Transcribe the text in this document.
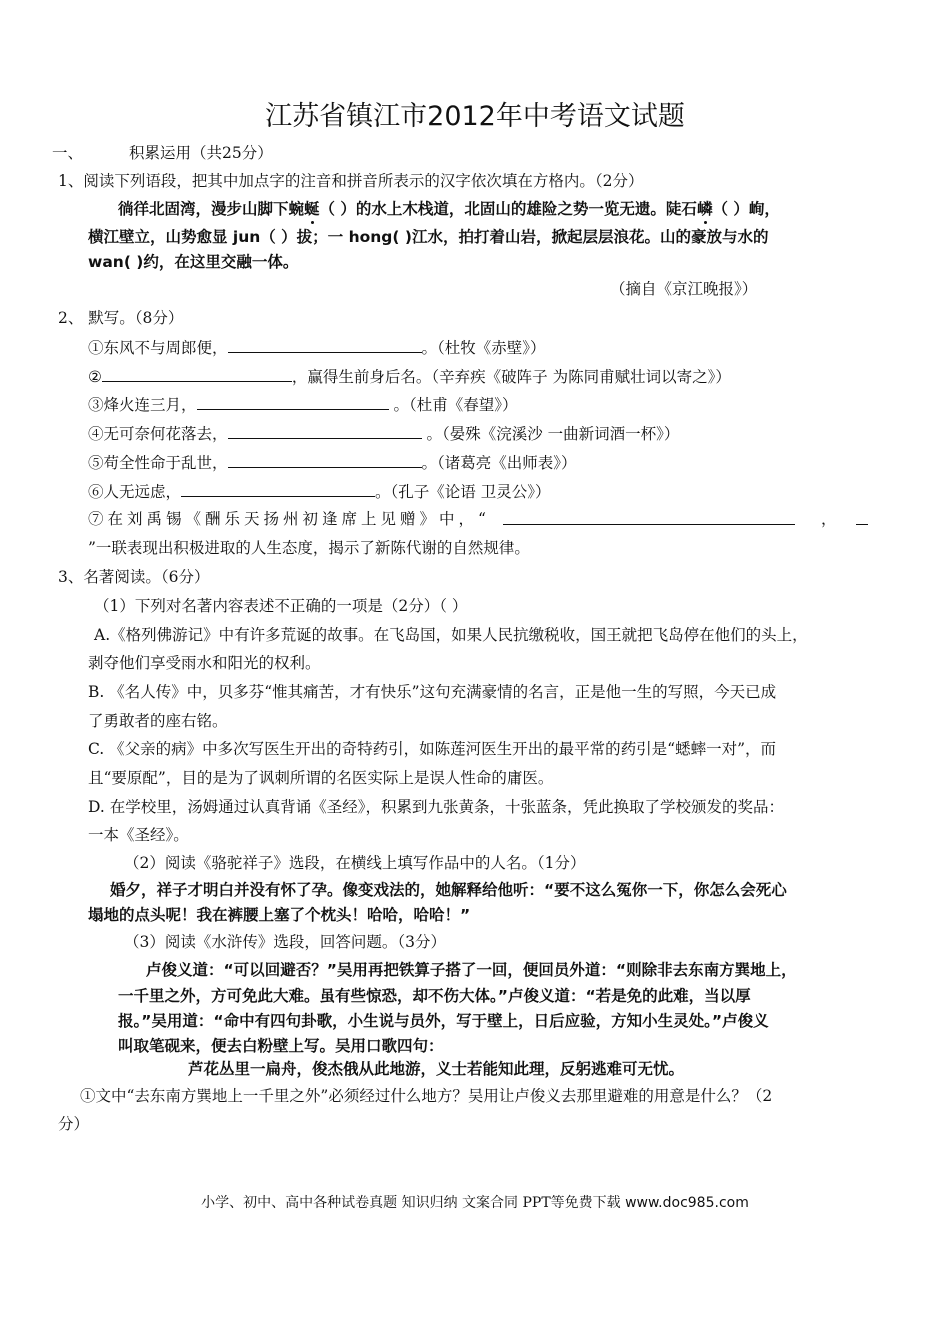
江苏省镇江市2012年中考语文试题
一、	积累运用（共25分）
1、阅读下列语段，把其中加点字的注音和拼音所表示的汉字依次填在方格内。（2分）
徜徉北固湾，漫步山脚下蜿蜒（ ）的水上木栈道，北固山的雄险之势一览无遗。陡石嶙（ ）峋，
横江壁立，山势愈显 jun（ ）拔；一 hong( )江水，拍打着山岩，掀起层层浪花。山的豪放与水的
wan( )约，在这里交融一体。
（摘自《京江晚报》）
2、 默写。（8分）
①东风不与周郎便，	。（杜牧《赤壁》）
②	，赢得生前身后名。（辛弃疾《破阵子 为陈同甫赋壮词以寄之》）
③烽火连三月，	。（杜甫《春望》）
④无可奈何花落去，	。（晏殊《浣溪沙 一曲新词酒一杯》）
⑤苟全性命于乱世，	。（诸葛亮《出师表》）
⑥人无远虑，	。（孔子《论语 卫灵公》）
⑦在刘禹锡《酬乐天扬州初逢席上见赠》中，“	，
”一联表现出积极进取的人生态度，揭示了新陈代谢的自然规律。
3、名著阅读。（6分）
（1）下列对名著内容表述不正确的一项是（2分）（ ）
A.《格列佛游记》中有许多荒诞的故事。在飞岛国，如果人民抗缴税收，国王就把飞岛停在他们的头上，
剥夺他们享受雨水和阳光的权利。
B. 《名人传》中，贝多芬“惟其痛苦，才有快乐”这句充满豪情的名言，正是他一生的写照，今天已成
了勇敢者的座右铭。
C. 《父亲的病》中多次写医生开出的奇特药引，如陈莲河医生开出的最平常的药引是“蟋蟀一对”，而
且“要原配”，目的是为了讽刺所谓的名医实际上是误人性命的庸医。
D. 在学校里，汤姆通过认真背诵《圣经》，积累到九张黄条，十张蓝条，凭此换取了学校颁发的奖品：
一本《圣经》。
（2）阅读《骆驼祥子》选段，在横线上填写作品中的人名。（1分）
婚夕，祥子才明白并没有怀了孕。像变戏法的，她解释给他听：“要不这么冤你一下，你怎么会死心
塌地的点头呢！我在裤腰上塞了个枕头！哈哈，哈哈！”
（3）阅读《水浒传》选段，回答问题。（3分）
卢俊义道：“可以回避否？”吴用再把铁算子搭了一回，便回员外道：“则除非去东南方巽地上，
一千里之外，方可免此大难。虽有些惊恐，却不伤大体。”卢俊义道：“若是免的此难，当以厚
报。”吴用道：“命中有四句卦歌，小生说与员外，写于壁上，日后应验，方知小生灵处。”卢俊义
叫取笔砚来，便去白粉壁上写。吴用口歌四句：
芦花丛里一扁舟，俊杰俄从此地游，义士若能知此理，反躬逃难可无忧。
①文中“去东南方巽地上一千里之外”必须经过什么地方？吴用让卢俊义去那里避难的用意是什么？（2
分）
小学、初中、高中各种试卷真题 知识归纳 文案合同 PPT等免费下载 www.doc985.com
